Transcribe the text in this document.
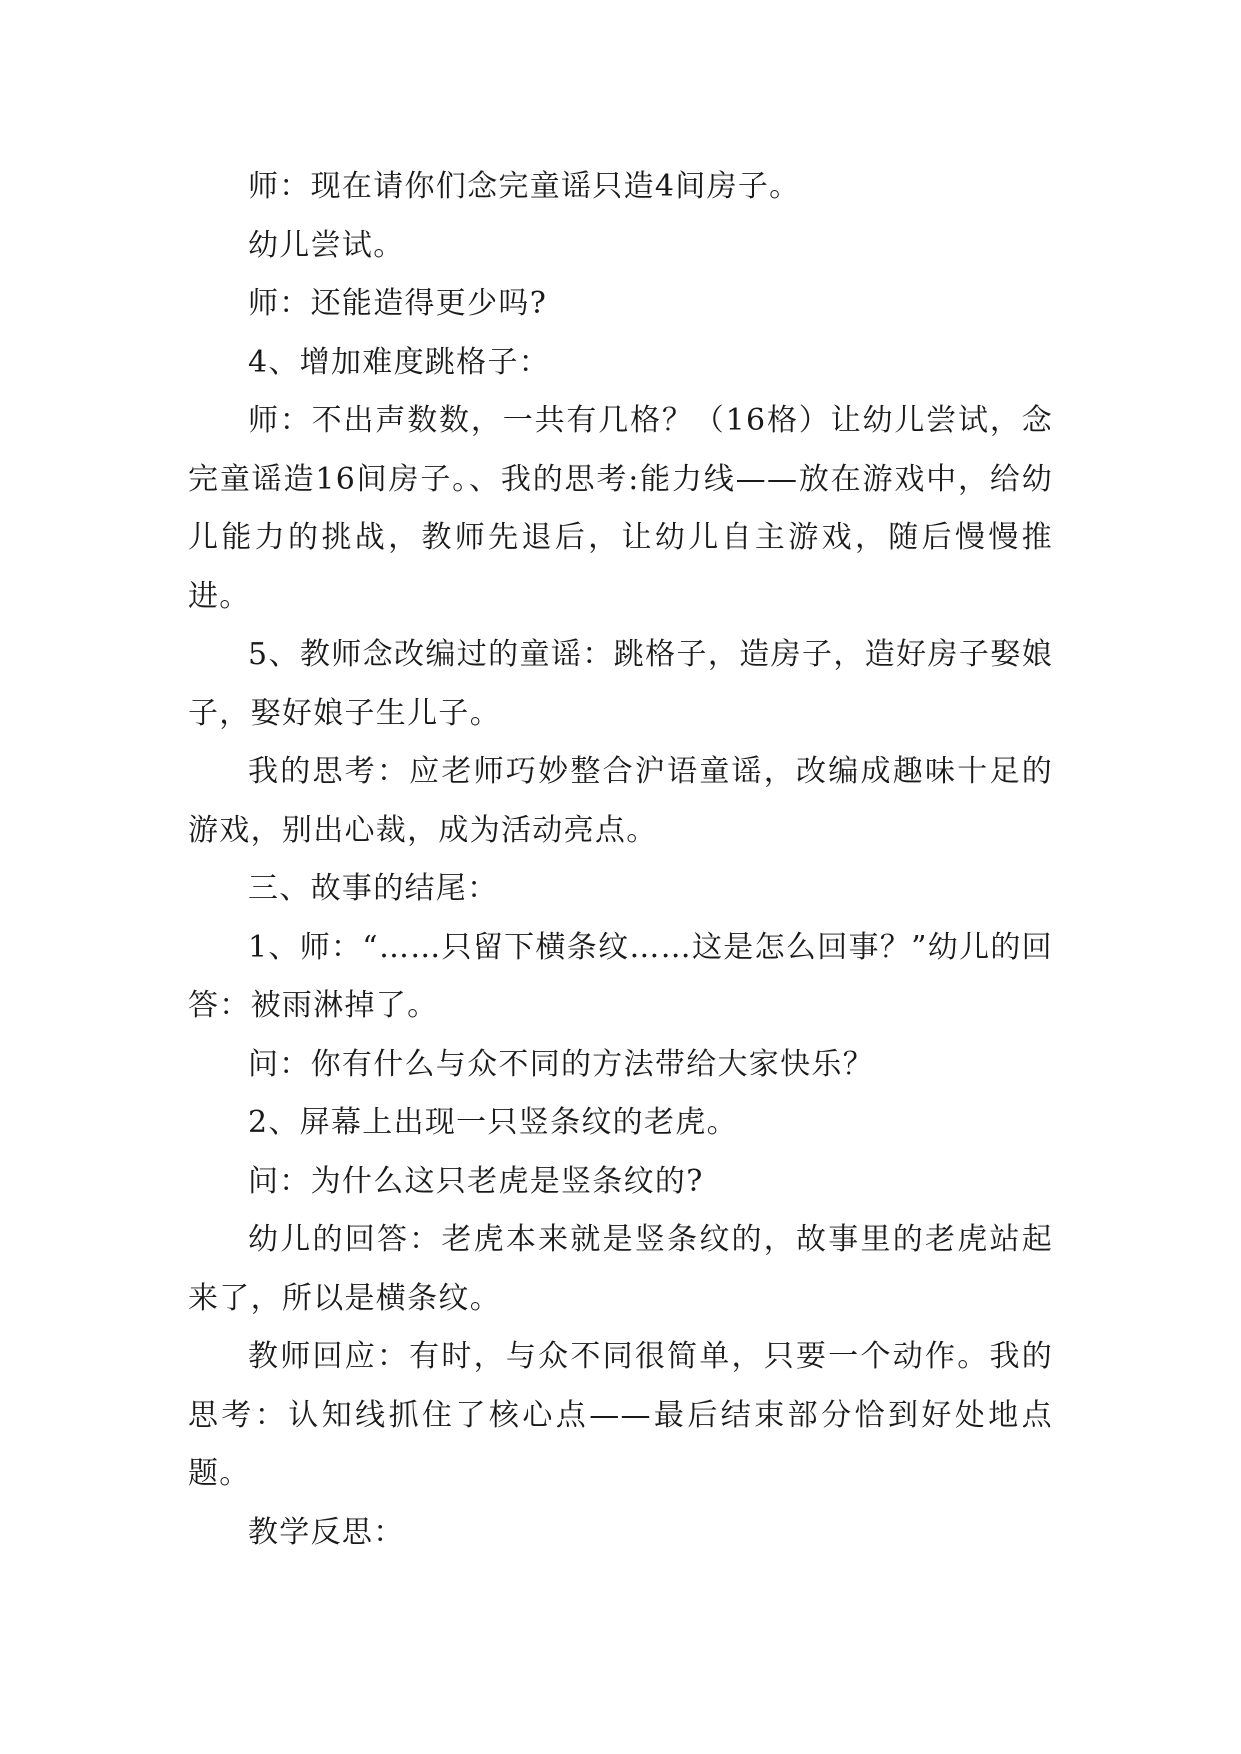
师：现在请你们念完童谣只造4间房子。

幼儿尝试。

师：还能造得更少吗?

4、增加难度跳格子：

师：不出声数数，一共有几格？（16格）让幼儿尝试，念完童谣造16间房子。、我的思考:能力线——放在游戏中，给幼儿能力的挑战，教师先退后，让幼儿自主游戏，随后慢慢推进。

5、教师念改编过的童谣：跳格子，造房子，造好房子娶娘子，娶好娘子生儿子。

我的思考：应老师巧妙整合沪语童谣，改编成趣味十足的游戏，别出心裁，成为活动亮点。

三、故事的结尾：

1、师：“……只留下横条纹……这是怎么回事？”幼儿的回答：被雨淋掉了。

问：你有什么与众不同的方法带给大家快乐？

2、屏幕上出现一只竖条纹的老虎。

问：为什么这只老虎是竖条纹的?

幼儿的回答：老虎本来就是竖条纹的，故事里的老虎站起来了，所以是横条纹。

教师回应：有时，与众不同很简单，只要一个动作。我的思考：认知线抓住了核心点——最后结束部分恰到好处地点题。

教学反思：
